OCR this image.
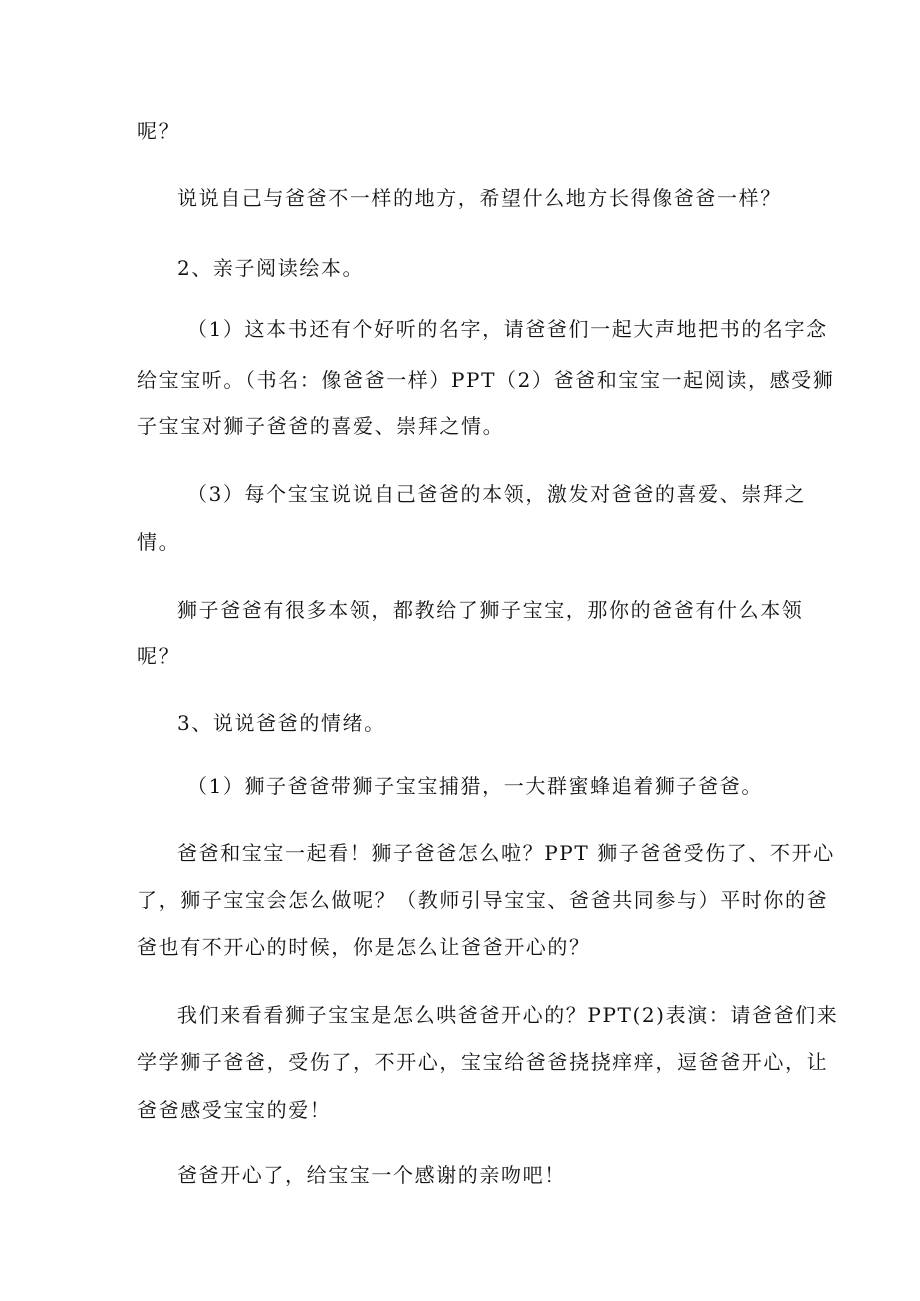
呢？

说说自己与爸爸不一样的地方，希望什么地方长得像爸爸一样？

2、亲子阅读绘本。

（1）这本书还有个好听的名字，请爸爸们一起大声地把书的名字念

给宝宝听。（书名：像爸爸一样）PPT（2）爸爸和宝宝一起阅读，感受狮

子宝宝对狮子爸爸的喜爱、崇拜之情。

（3）每个宝宝说说自己爸爸的本领，激发对爸爸的喜爱、崇拜之

情。

狮子爸爸有很多本领，都教给了狮子宝宝，那你的爸爸有什么本领

呢？

3、说说爸爸的情绪。

（1）狮子爸爸带狮子宝宝捕猎，一大群蜜蜂追着狮子爸爸。

爸爸和宝宝一起看！狮子爸爸怎么啦？PPT 狮子爸爸受伤了、不开心

了，狮子宝宝会怎么做呢？（教师引导宝宝、爸爸共同参与）平时你的爸

爸也有不开心的时候，你是怎么让爸爸开心的？

我们来看看狮子宝宝是怎么哄爸爸开心的？PPT(2)表演：请爸爸们来

学学狮子爸爸，受伤了，不开心，宝宝给爸爸挠挠痒痒，逗爸爸开心，让

爸爸感受宝宝的爱！

爸爸开心了，给宝宝一个感谢的亲吻吧！
